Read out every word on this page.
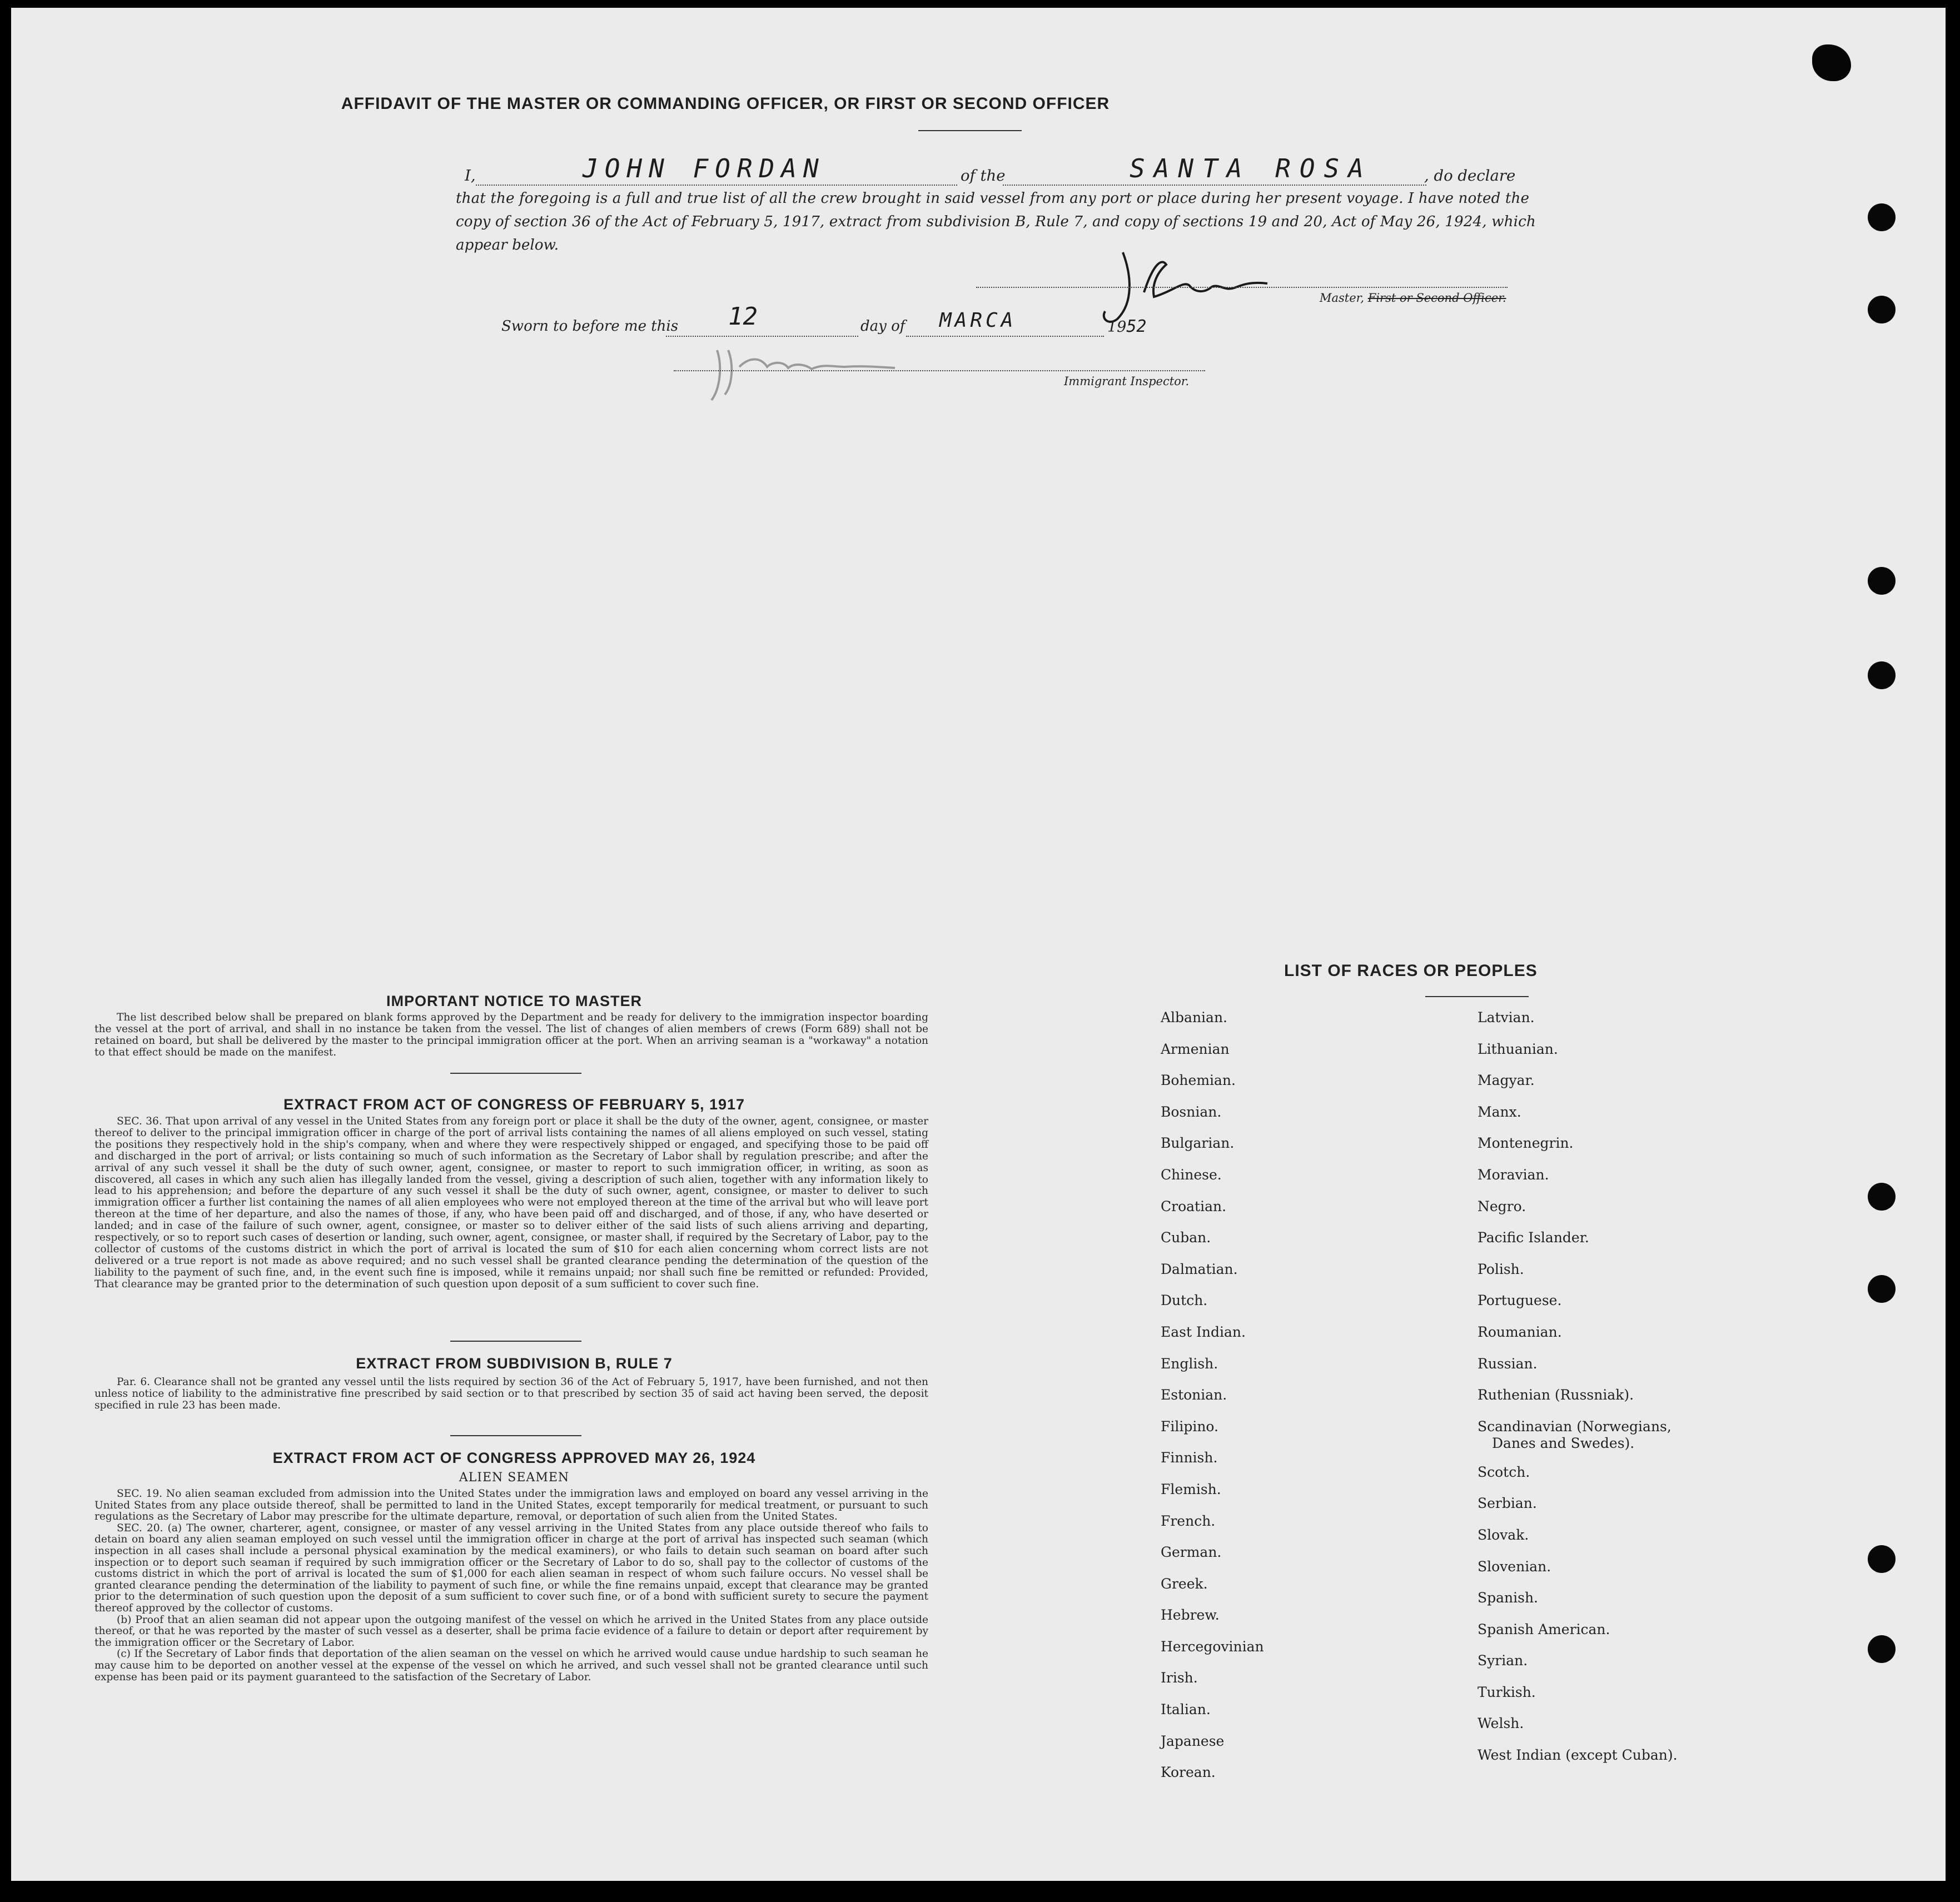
AFFIDAVIT OF THE MASTER OR COMMANDING OFFICER, OR FIRST OR SECOND OFFICER
I,	JOHN FORDAN	of the	SANTA ROSA	, do declare
that the foregoing is a full and true list of all the crew brought in said vessel from any port or place during her present voyage. I have noted the
copy of section 36 of the Act of February 5, 1917, extract from subdivision B, Rule 7, and copy of sections 19 and 20, Act of May 26, 1924, which
appear below.
Master, First or Second Officer.
Sworn to before me this 12	day of MARCA	1952
Immigrant Inspector.
IMPORTANT NOTICE TO MASTER

The list described below shall be prepared on blank forms approved by the Department and be ready for delivery to the immigration inspector boarding the vessel at the port of arrival, and shall in no instance be taken from the vessel. The list of changes of alien members of crews (Form 689) shall not be retained on board, but shall be delivered by the master to the principal immigration officer at the port. When an arriving seaman is a "workaway" a notation to that effect should be made on the manifest.

EXTRACT FROM ACT OF CONGRESS OF FEBRUARY 5, 1917

SEC. 36. That upon arrival of any vessel in the United States from any foreign port or place it shall be the duty of the owner, agent, consignee, or master thereof to deliver to the principal immigration officer in charge of the port of arrival lists containing the names of all aliens employed on such vessel, stating the positions they respectively hold in the ship's company, when and where they were respectively shipped or engaged, and specifying those to be paid off and discharged in the port of arrival; or lists containing so much of such information as the Secretary of Labor shall by regulation prescribe; and after the arrival of any such vessel it shall be the duty of such owner, agent, consignee, or master to report to such immigration officer, in writing, as soon as discovered, all cases in which any such alien has illegally landed from the vessel, giving a description of such alien, together with any information likely to lead to his apprehension; and before the departure of any such vessel it shall be the duty of such owner, agent, consignee, or master to deliver to such immigration officer a further list containing the names of all alien employees who were not employed thereon at the time of the arrival but who will leave port thereon at the time of her departure, and also the names of those, if any, who have been paid off and discharged, and of those, if any, who have deserted or landed; and in case of the failure of such owner, agent, consignee, or master so to deliver either of the said lists of such aliens arriving and departing, respectively, or so to report such cases of desertion or landing, such owner, agent, consignee, or master shall, if required by the Secretary of Labor, pay to the collector of customs of the customs district in which the port of arrival is located the sum of $10 for each alien concerning whom correct lists are not delivered or a true report is not made as above required; and no such vessel shall be granted clearance pending the determination of the question of the liability to the payment of such fine, and, in the event such fine is imposed, while it remains unpaid; nor shall such fine be remitted or refunded: Provided, That clearance may be granted prior to the determination of such question upon deposit of a sum sufficient to cover such fine.

EXTRACT FROM SUBDIVISION B, RULE 7

Par. 6. Clearance shall not be granted any vessel until the lists required by section 36 of the Act of February 5, 1917, have been furnished, and not then unless notice of liability to the administrative fine prescribed by said section or to that prescribed by section 35 of said act having been served, the deposit specified in rule 23 has been made.

EXTRACT FROM ACT OF CONGRESS APPROVED MAY 26, 1924
ALIEN SEAMEN

SEC. 19. No alien seaman excluded from admission into the United States under the immigration laws and employed on board any vessel arriving in the United States from any place outside thereof, shall be permitted to land in the United States, except temporarily for medical treatment, or pursuant to such regulations as the Secretary of Labor may prescribe for the ultimate departure, removal, or deportation of such alien from the United States.

SEC. 20. (a) The owner, charterer, agent, consignee, or master of any vessel arriving in the United States from any place outside thereof who fails to detain on board any alien seaman employed on such vessel until the immigration officer in charge at the port of arrival has inspected such seaman (which inspection in all cases shall include a personal physical examination by the medical examiners), or who fails to detain such seaman on board after such inspection or to deport such seaman if required by such immigration officer or the Secretary of Labor to do so, shall pay to the collector of customs of the customs district in which the port of arrival is located the sum of $1,000 for each alien seaman in respect of whom such failure occurs. No vessel shall be granted clearance pending the determination of the liability to payment of such fine, or while the fine remains unpaid, except that clearance may be granted prior to the determination of such question upon the deposit of a sum sufficient to cover such fine, or of a bond with sufficient surety to secure the payment thereof approved by the collector of customs.

(b) Proof that an alien seaman did not appear upon the outgoing manifest of the vessel on which he arrived in the United States from any place outside thereof, or that he was reported by the master of such vessel as a deserter, shall be prima facie evidence of a failure to detain or deport after requirement by the immigration officer or the Secretary of Labor.

(c) If the Secretary of Labor finds that deportation of the alien seaman on the vessel on which he arrived would cause undue hardship to such seaman he may cause him to be deported on another vessel at the expense of the vessel on which he arrived, and such vessel shall not be granted clearance until such expense has been paid or its payment guaranteed to the satisfaction of the Secretary of Labor.

LIST OF RACES OR PEOPLES
Albanian.
Armenian
Bohemian.
Bosnian.
Bulgarian.
Chinese.
Croatian.
Cuban.
Dalmatian.
Dutch.
East Indian.
English.
Estonian.
Filipino.
Finnish.
Flemish.
French.
German.
Greek.
Hebrew.
Hercegovinian
Irish.
Italian.
Japanese
Korean.
Latvian.
Lithuanian.
Magyar.
Manx.
Montenegrin.
Moravian.
Negro.
Pacific Islander.
Polish.
Portuguese.
Roumanian.
Russian.
Ruthenian (Russniak).
Scandinavian (Norwegians,
Danes and Swedes).
Scotch.
Serbian.
Slovak.
Slovenian.
Spanish.
Spanish American.
Syrian.
Turkish.
Welsh.
West Indian (except Cuban).
